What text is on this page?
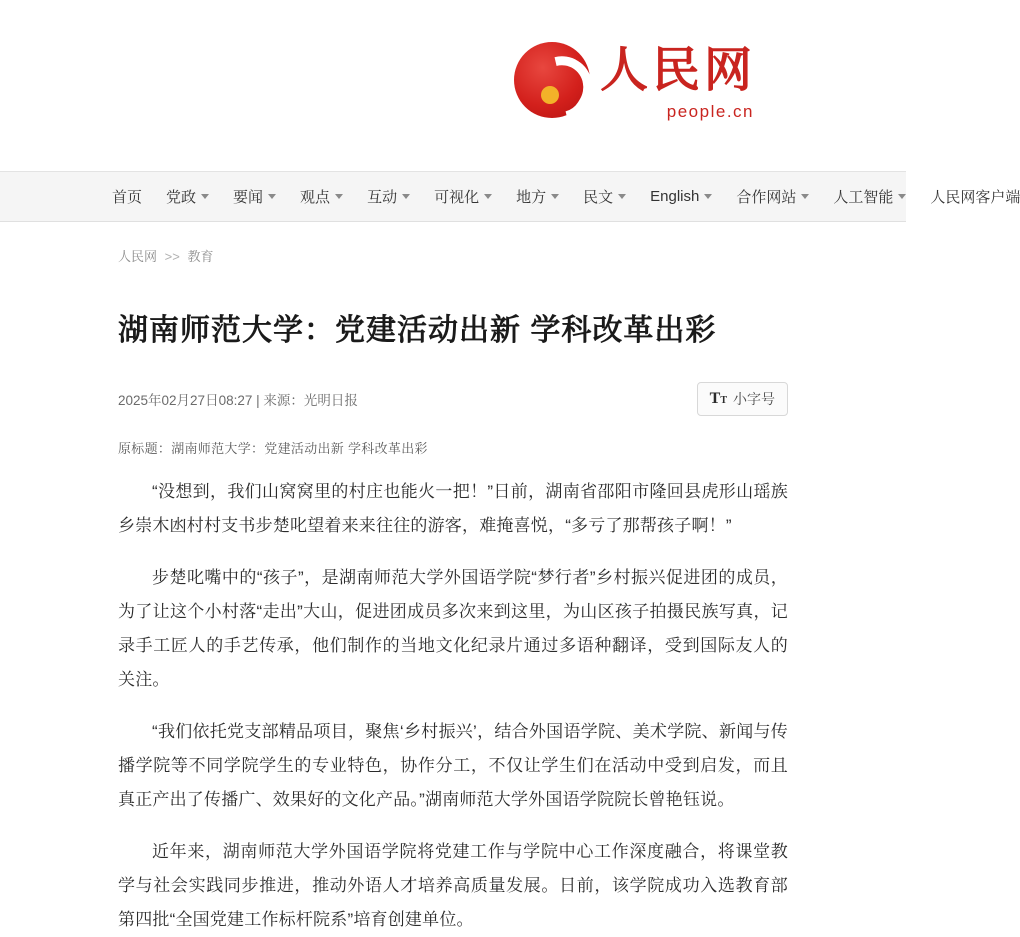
人民网
people.cn
首页 党政 要闻 观点 互动 可视化 地方 民文 English 合作网站 人工智能 人民网客户端
人民网 >> 教育
湖南师范大学：党建活动出新 学科改革出彩
2025年02月27日08:27 | 来源：光明日报	TT 小字号
原标题：湖南师范大学：党建活动出新 学科改革出彩

“没想到，我们山窝窝里的村庄也能火一把！”日前，湖南省邵阳市隆回县虎形山瑶族乡崇木凼村村支书步楚叱望着来来往往的游客，难掩喜悦，“多亏了那帮孩子啊！”

步楚叱嘴中的“孩子”，是湖南师范大学外国语学院“梦行者”乡村振兴促进团的成员，为了让这个小村落“走出”大山，促进团成员多次来到这里，为山区孩子拍摄民族写真，记录手工匠人的手艺传承，他们制作的当地文化纪录片通过多语种翻译，受到国际友人的关注。

“我们依托党支部精品项目，聚焦‘乡村振兴’，结合外国语学院、美术学院、新闻与传播学院等不同学院学生的专业特色，协作分工，不仅让学生们在活动中受到启发，而且真正产出了传播广、效果好的文化产品。”湖南师范大学外国语学院院长曾艳钰说。

近年来，湖南师范大学外国语学院将党建工作与学院中心工作深度融合，将课堂教学与社会实践同步推进，推动外语人才培养高质量发展。日前，该学院成功入选教育部第四批“全国党建工作标杆院系”培育创建单位。
